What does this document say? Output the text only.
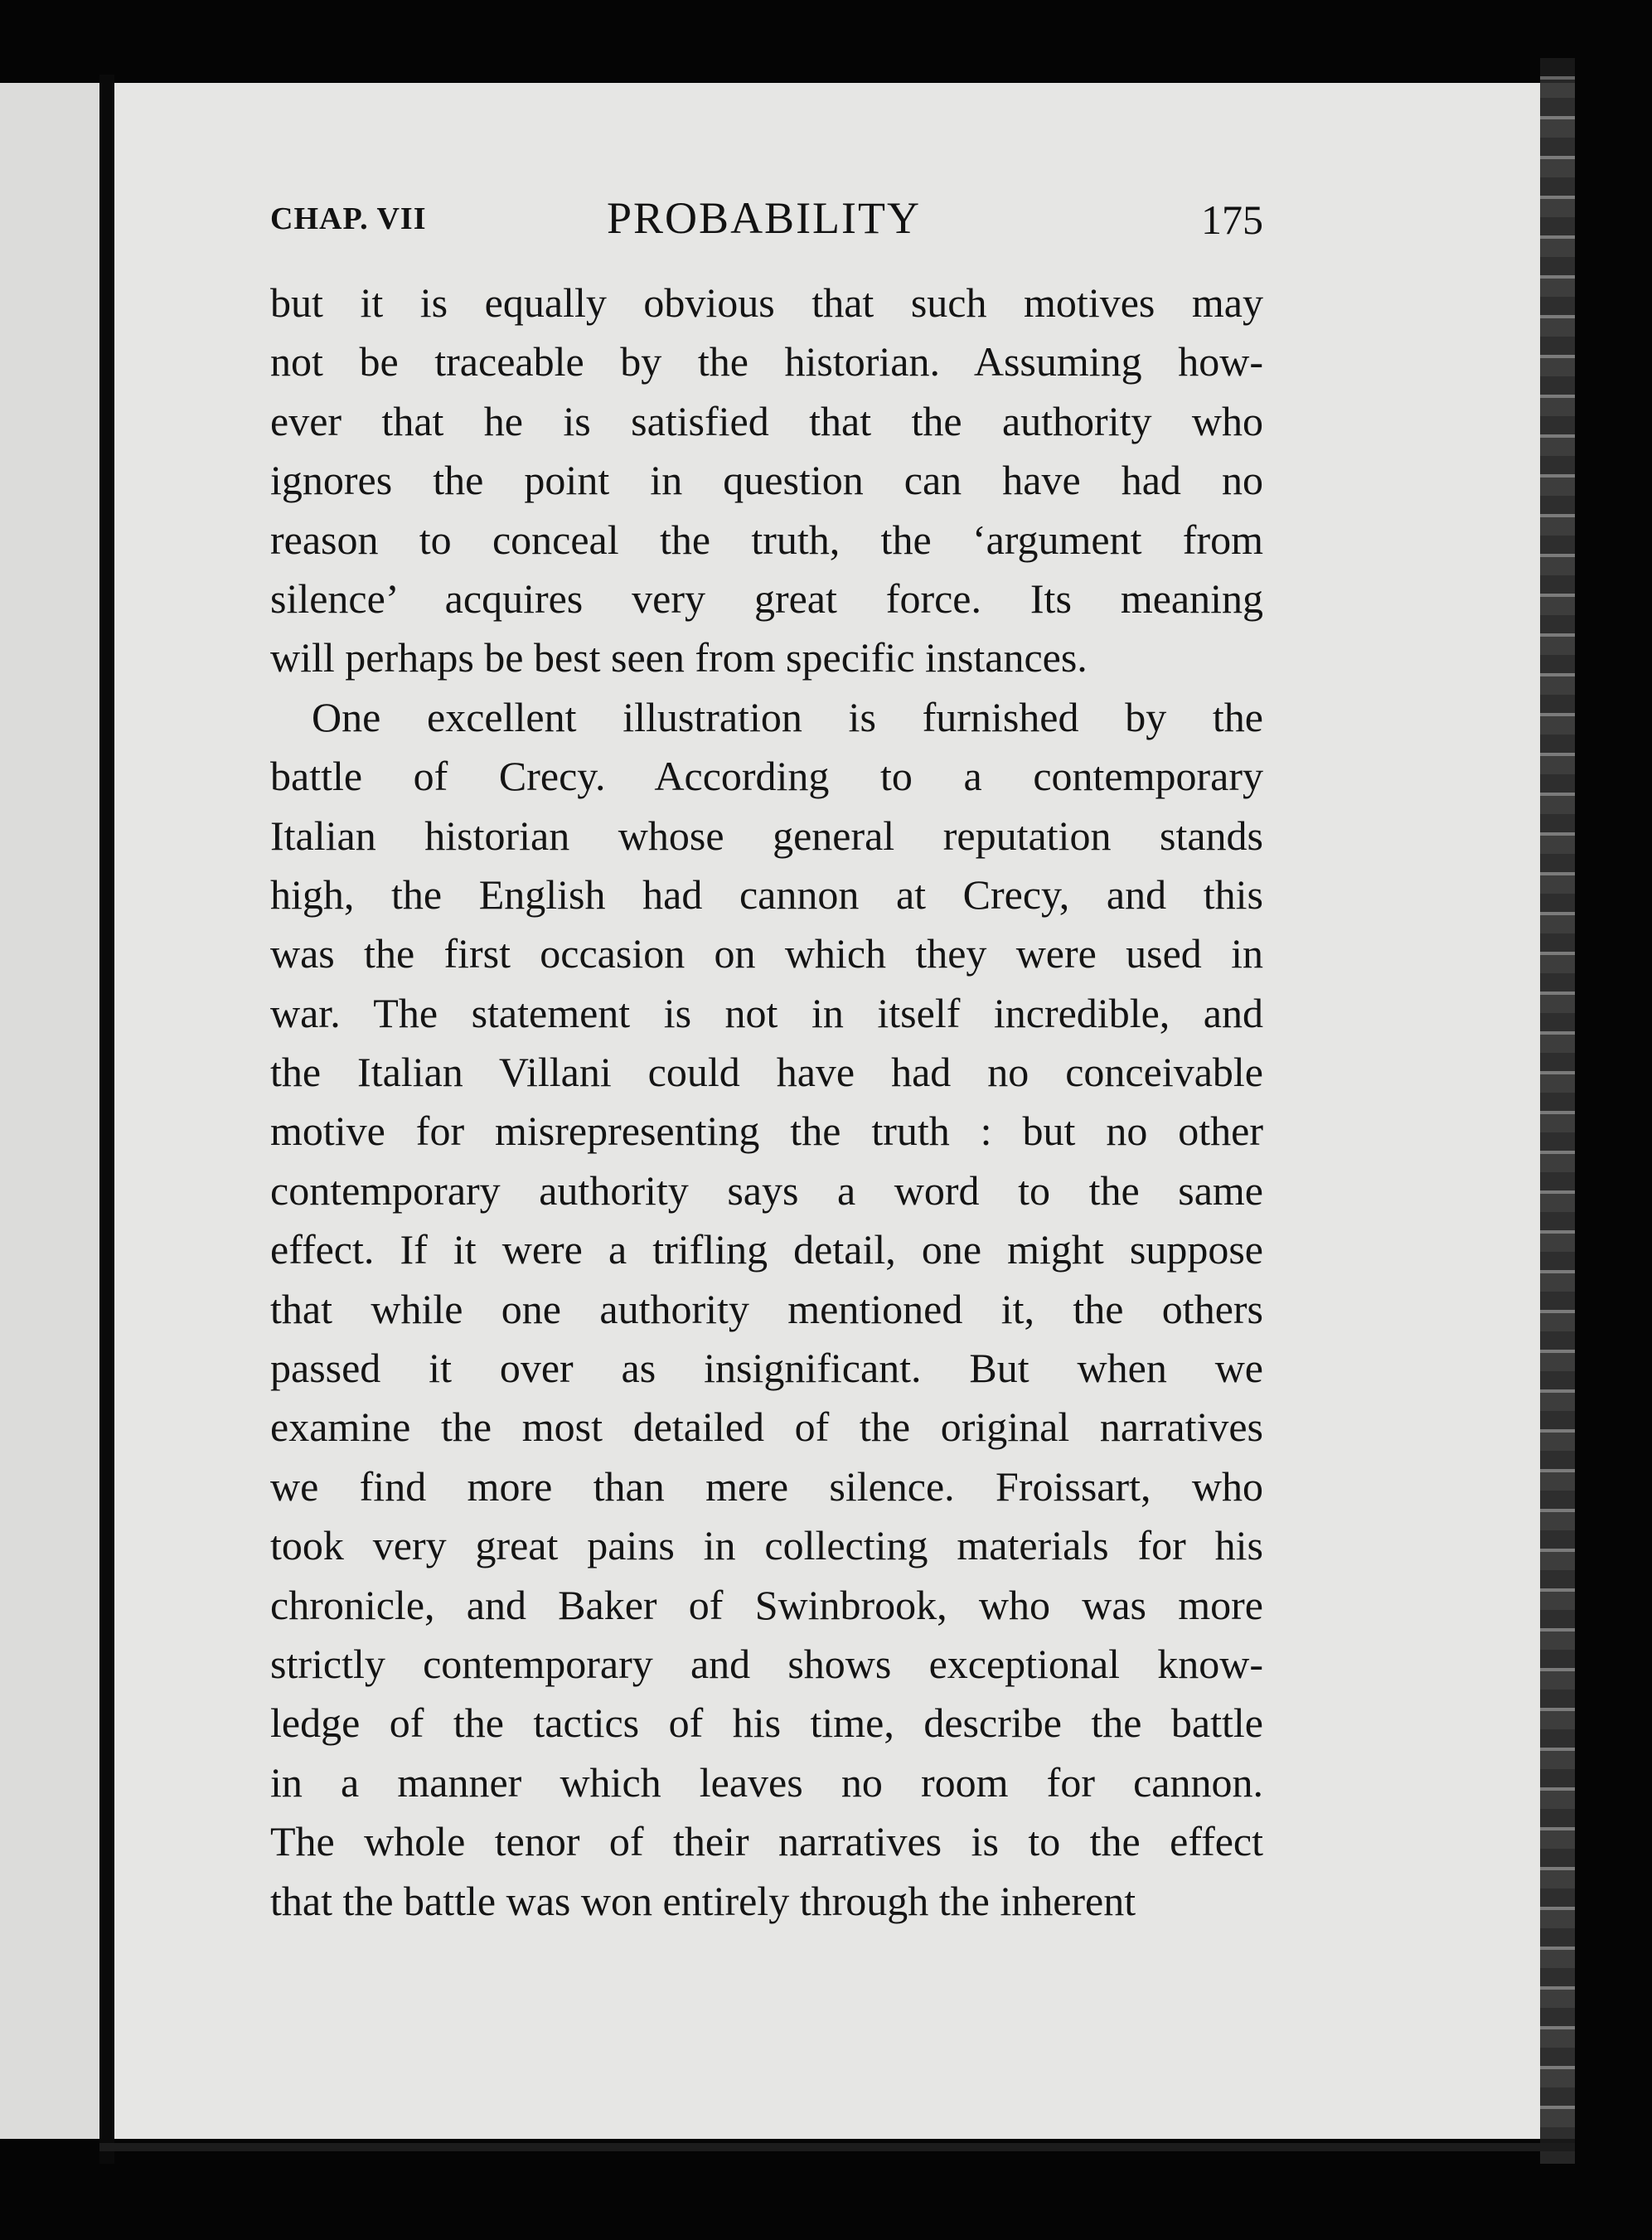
CHAP. VII	PROBABILITY	175
but it is equally obvious that such motives may
not be traceable by the historian. Assuming how-
ever that he is satisfied that the authority who
ignores the point in question can have had no
reason to conceal the truth, the ‘argument from
silence’ acquires very great force. Its meaning
will perhaps be best seen from specific instances.
One excellent illustration is furnished by the
battle of Crecy. According to a contemporary
Italian historian whose general reputation stands
high, the English had cannon at Crecy, and this
was the first occasion on which they were used in
war. The statement is not in itself incredible, and
the Italian Villani could have had no conceivable
motive for misrepresenting the truth : but no other
contemporary authority says a word to the same
effect. If it were a trifling detail, one might suppose
that while one authority mentioned it, the others
passed it over as insignificant. But when we
examine the most detailed of the original narratives
we find more than mere silence. Froissart, who
took very great pains in collecting materials for his
chronicle, and Baker of Swinbrook, who was more
strictly contemporary and shows exceptional know-
ledge of the tactics of his time, describe the battle
in a manner which leaves no room for cannon.
The whole tenor of their narratives is to the effect
that the battle was won entirely through the inherent
